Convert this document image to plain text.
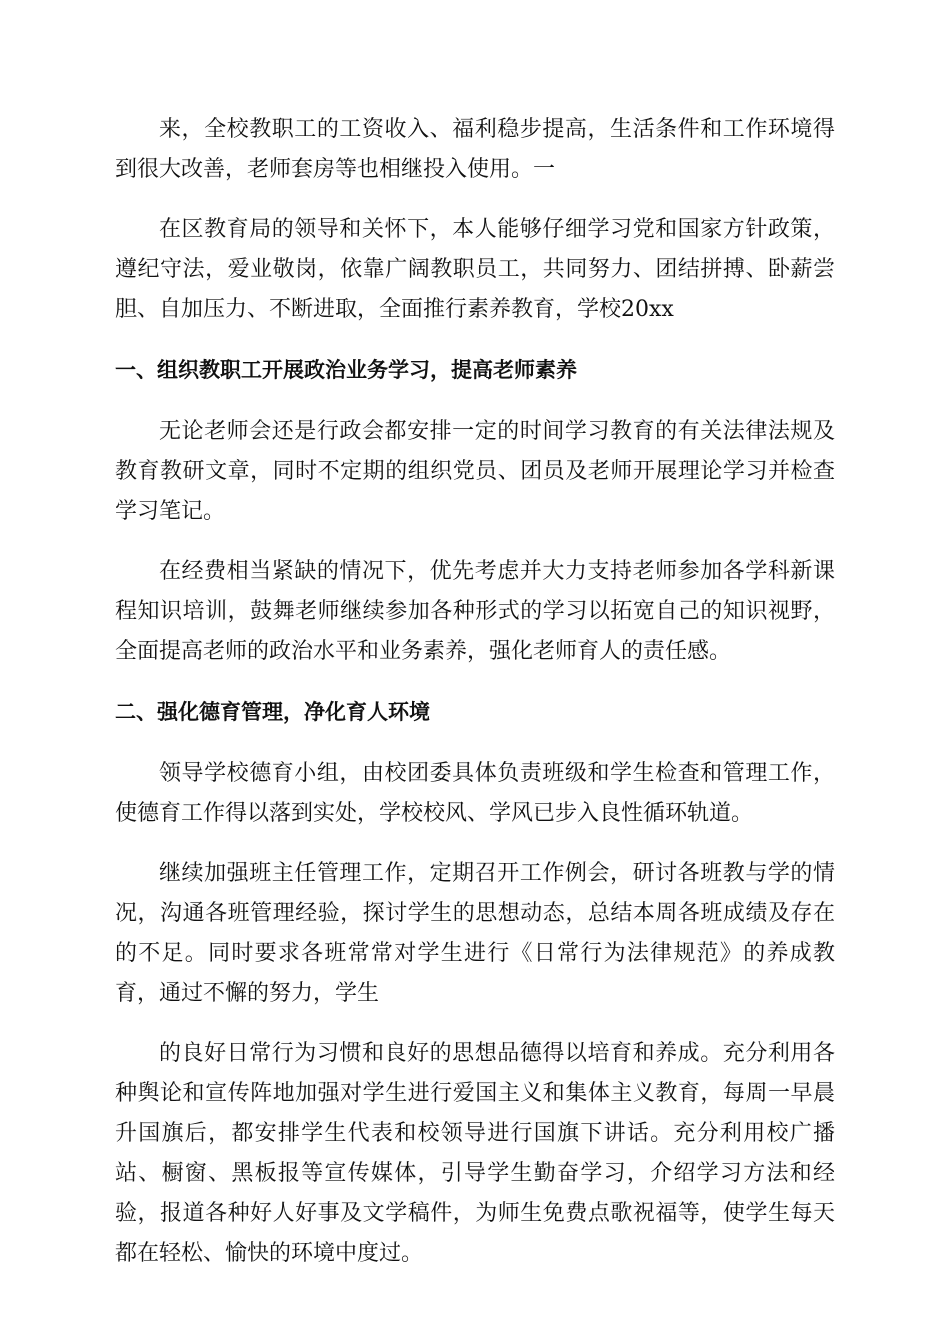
来，全校教职工的工资收入、福利稳步提高，生活条件和工作环境得到很大改善，老师套房等也相继投入使用。一

在区教育局的领导和关怀下，本人能够仔细学习党和国家方针政策，遵纪守法，爱业敬岗，依靠广阔教职员工，共同努力、团结拼搏、卧薪尝胆、自加压力、不断进取，全面推行素养教育，学校20xx

一、组织教职工开展政治业务学习，提高老师素养

无论老师会还是行政会都安排一定的时间学习教育的有关法律法规及教育教研文章，同时不定期的组织党员、团员及老师开展理论学习并检查学习笔记。

在经费相当紧缺的情况下，优先考虑并大力支持老师参加各学科新课程知识培训，鼓舞老师继续参加各种形式的学习以拓宽自己的知识视野，全面提高老师的政治水平和业务素养，强化老师育人的责任感。

二、强化德育管理，净化育人环境

领导学校德育小组，由校团委具体负责班级和学生检查和管理工作，使德育工作得以落到实处，学校校风、学风已步入良性循环轨道。

继续加强班主任管理工作，定期召开工作例会，研讨各班教与学的情况，沟通各班管理经验，探讨学生的思想动态，总结本周各班成绩及存在的不足。同时要求各班常常对学生进行《日常行为法律规范》的养成教育，通过不懈的努力，学生

的良好日常行为习惯和良好的思想品德得以培育和养成。充分利用各种舆论和宣传阵地加强对学生进行爱国主义和集体主义教育，每周一早晨升国旗后，都安排学生代表和校领导进行国旗下讲话。充分利用校广播站、橱窗、黑板报等宣传媒体，引导学生勤奋学习，介绍学习方法和经验，报道各种好人好事及文学稿件，为师生免费点歌祝福等，使学生每天都在轻松、愉快的环境中度过。
